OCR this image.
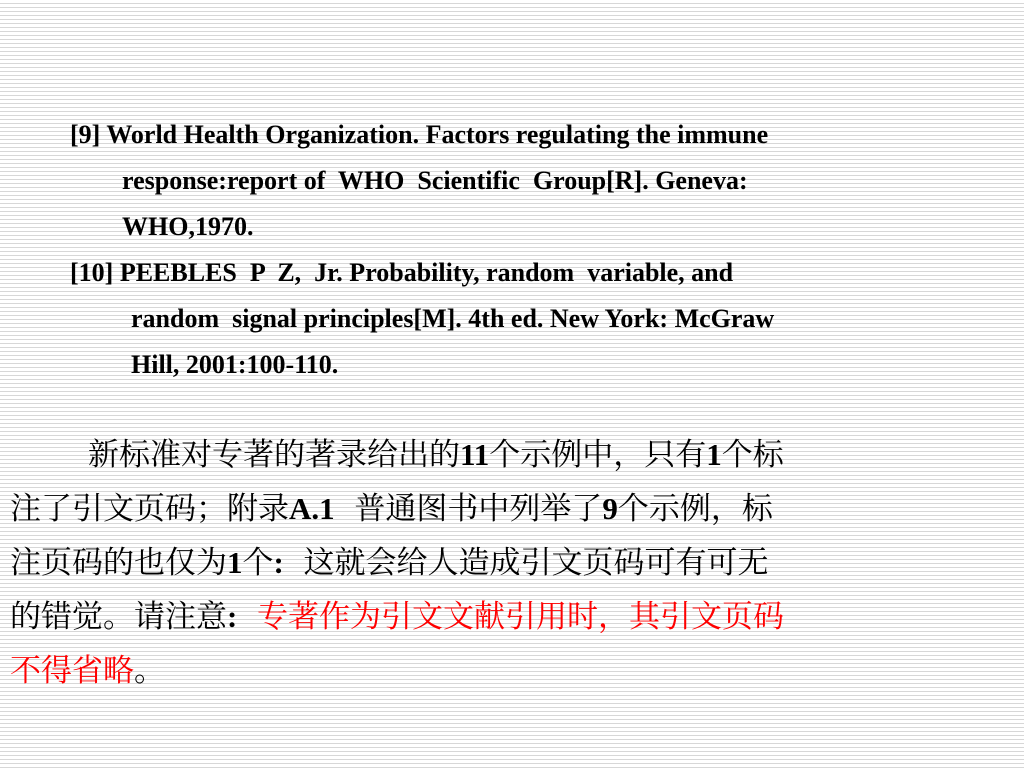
[9] World Health Organization. Factors regulating the immune
response:report of  WHO  Scientific  Group[R]. Geneva:
WHO,1970.
[10] PEEBLES  P  Z,  Jr. Probability, random  variable, and
random  signal principles[M]. 4th ed. New York: McGraw
Hill, 2001:100-110.
新标准对专著的著录给出的11个示例中，只有1个标
注了引文页码；附录A.1  普通图书中列举了9个示例，标
注页码的也仅为1个:  这就会给人造成引文页码可有可无
的错觉。请注意:  专著作为引文文献引用时，其引文页码
不得省略。
